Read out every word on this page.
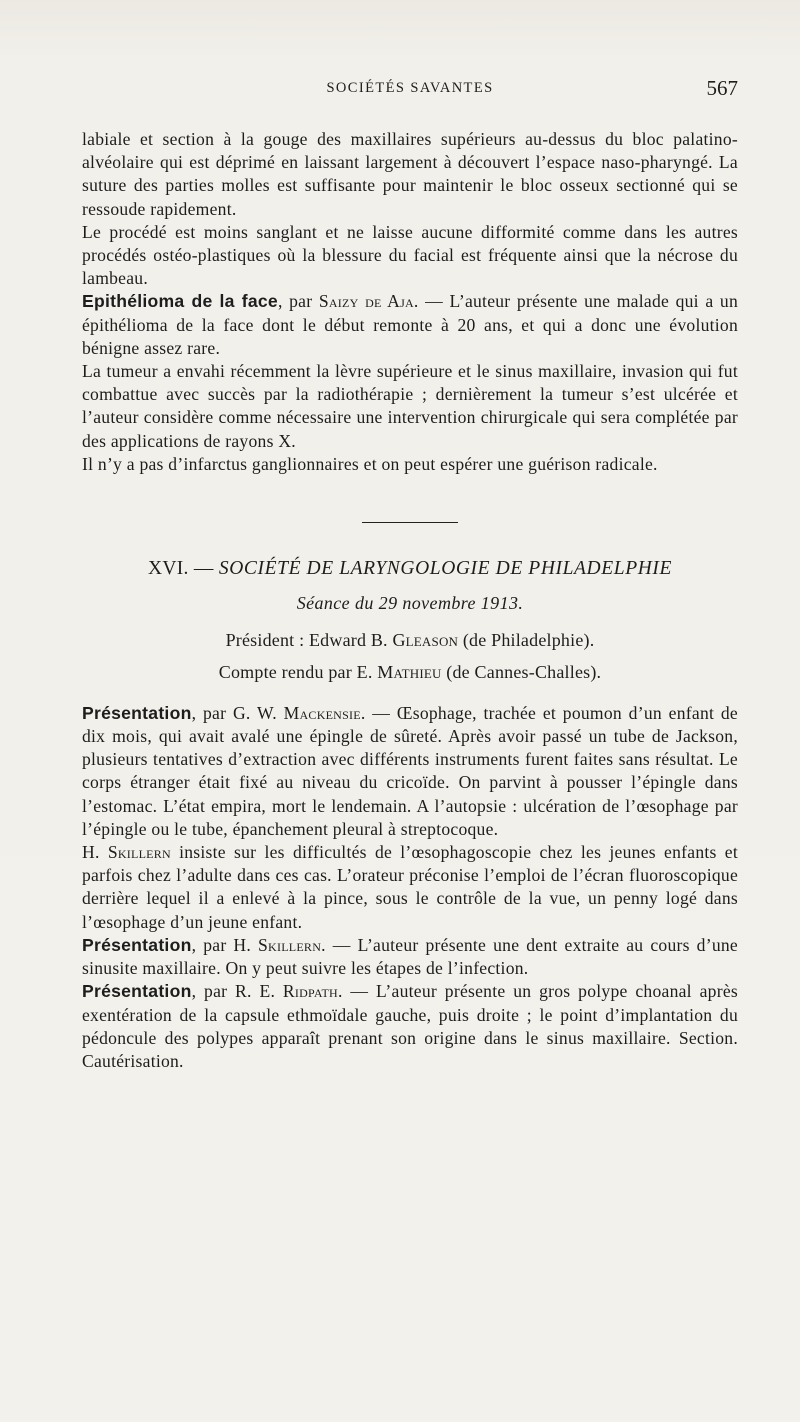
SOCIÉTÉS SAVANTES	567

labiale et section à la gouge des maxillaires supérieurs au-dessus du bloc palatino-alvéolaire qui est déprimé en laissant largement à découvert l’espace naso-pharyngé. La suture des parties molles est suffisante pour maintenir le bloc osseux sectionné qui se ressoude rapidement.

Le procédé est moins sanglant et ne laisse aucune difformité comme dans les autres procédés ostéo-plastiques où la blessure du facial est fréquente ainsi que la nécrose du lambeau.

Epithélioma de la face, par Saizy de Aja. — L’auteur présente une malade qui a un épithélioma de la face dont le début remonte à 20 ans, et qui a donc une évolution bénigne assez rare.

La tumeur a envahi récemment la lèvre supérieure et le sinus maxillaire, invasion qui fut combattue avec succès par la radiothérapie ; dernièrement la tumeur s’est ulcérée et l’auteur considère comme nécessaire une intervention chirurgicale qui sera complétée par des applications de rayons X.

Il n’y a pas d’infarctus ganglionnaires et on peut espérer une guérison radicale.

XVI. — SOCIÉTÉ DE LARYNGOLOGIE DE PHILADELPHIE
Séance du 29 novembre 1913.
Président : Edward B. Gleason (de Philadelphie).
Compte rendu par E. Mathieu (de Cannes-Challes).

Présentation, par G. W. Mackensie. — Œsophage, trachée et poumon d’un enfant de dix mois, qui avait avalé une épingle de sûreté. Après avoir passé un tube de Jackson, plusieurs tentatives d’extraction avec différents instruments furent faites sans résultat. Le corps étranger était fixé au niveau du cricoïde. On parvint à pousser l’épingle dans l’estomac. L’état empira, mort le lendemain. A l’autopsie : ulcération de l’œsophage par l’épingle ou le tube, épanchement pleural à streptocoque.

H. Skillern insiste sur les difficultés de l’œsophagoscopie chez les jeunes enfants et parfois chez l’adulte dans ces cas. L’orateur préconise l’emploi de l’écran fluoroscopique derrière lequel il a enlevé à la pince, sous le contrôle de la vue, un penny logé dans l’œsophage d’un jeune enfant.

Présentation, par H. Skillern. — L’auteur présente une dent extraite au cours d’une sinusite maxillaire. On y peut suivre les étapes de l’infection.

Présentation, par R. E. Ridpath. — L’auteur présente un gros polype choanal après exentération de la capsule ethmoïdale gauche, puis droite ; le point d’implantation du pédoncule des polypes apparaît prenant son origine dans le sinus maxillaire. Section. Cautérisation.
